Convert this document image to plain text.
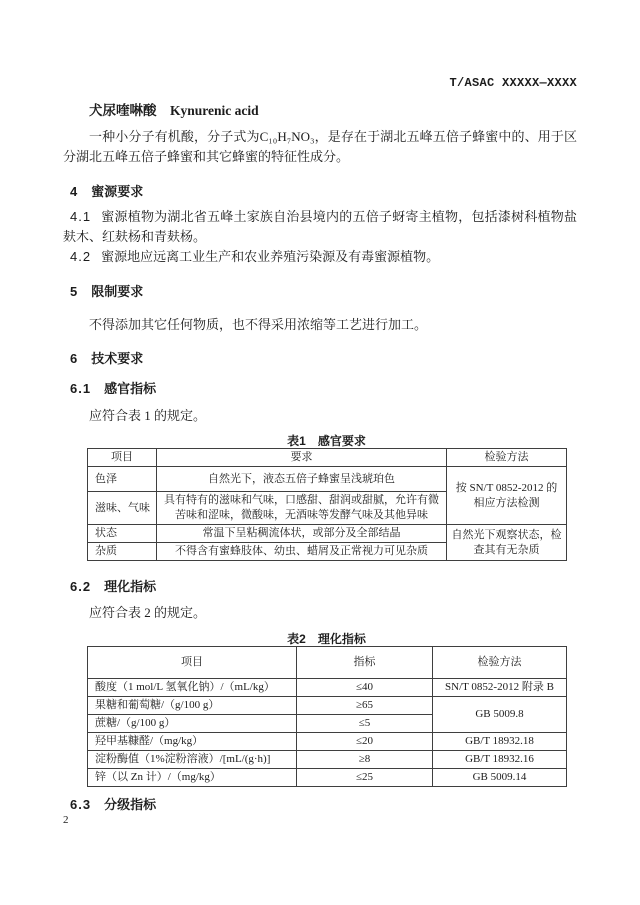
T/ASAC XXXXX—XXXX

犬尿喹啉酸　Kynurenic acid

一种小分子有机酸，分子式为C₁₀H₇NO₃，是存在于湖北五峰五倍子蜂蜜中的、用于区分湖北五峰五倍子蜂蜜和其它蜂蜜的特征性成分。

4 蜜源要求

4.1 蜜源植物为湖北省五峰土家族自治县境内的五倍子蚜寄主植物，包括漆树科植物盐麸木、红麸杨和青麸杨。

4.2 蜜源地应远离工业生产和农业养殖污染源及有毒蜜源植物。

5 限制要求

不得添加其它任何物质，也不得采用浓缩等工艺进行加工。

6 技术要求
6.1 感官指标

应符合表 1 的规定。

表1　感官要求

项目	要求	检验方法
色泽	自然光下，液态五倍子蜂蜜呈浅琥珀色	按 SN/T 0852-2012 的相应方法检测
滋味、气味	具有特有的滋味和气味，口感甜、甜润或甜腻，允许有微苦味和涩味，微酸味，无酒味等发酵气味及其他异味	
状态	常温下呈粘稠流体状，或部分及全部结晶	自然光下观察状态，检查其有无杂质
杂质	不得含有蜜蜂肢体、幼虫、蜡屑及正常视力可见杂质	
6.2 理化指标

应符合表 2 的规定。

表2　理化指标

项目	指标	检验方法
酸度（1 mol/L 氢氧化钠）/（mL/kg）	≤40	SN/T 0852-2012 附录 B
果糖和葡萄糖/（g/100 g）	≥65	GB 5009.8
蔗糖/（g/100 g）	≤5	
羟甲基糠醛/（mg/kg）	≤20	GB/T 18932.18
淀粉酶值（1%淀粉溶液）/[mL/(g·h)]	≥8	GB/T 18932.16
锌（以 Zn 计）/（mg/kg）	≤25	GB 5009.14
6.3 分级指标

2
